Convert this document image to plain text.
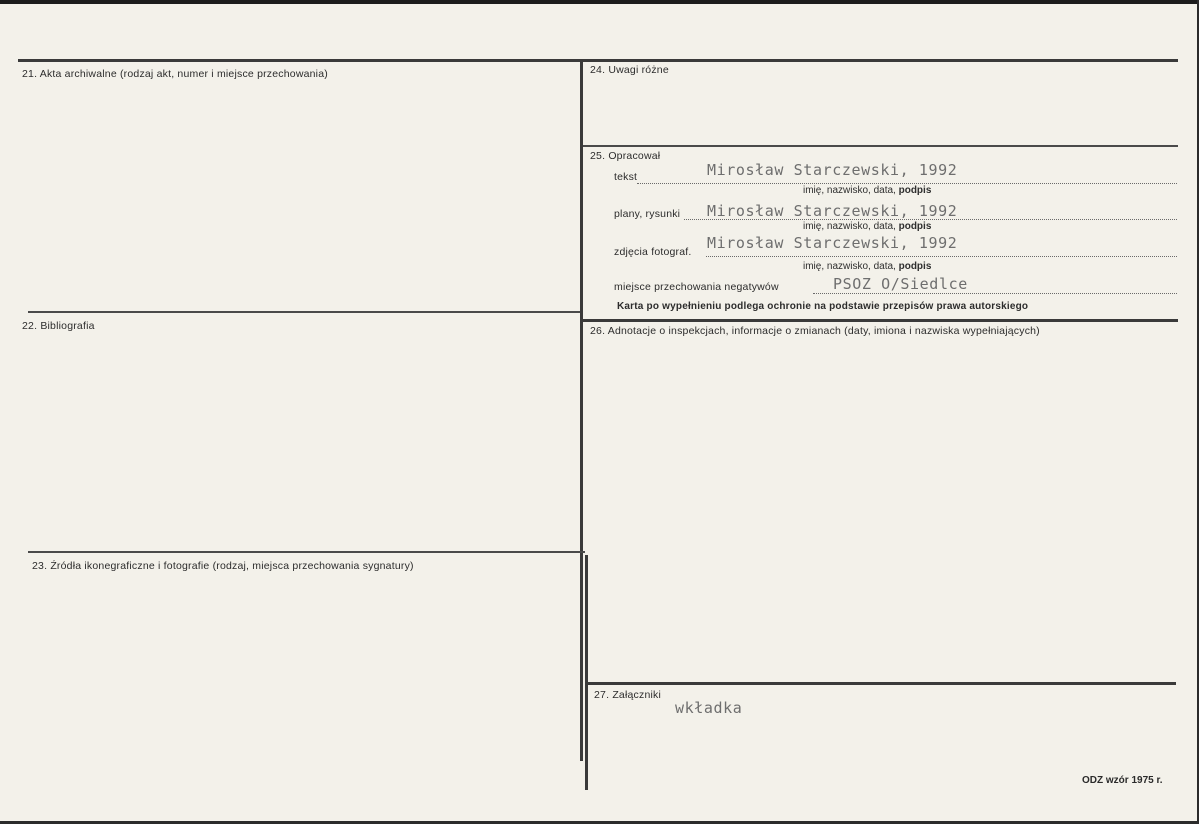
21. Akta archiwalne (rodzaj akt, numer i miejsce przechowania)
22. Bibliografia
23. Źródła ikonegraficzne i fotografie (rodzaj, miejsca przechowania sygnatury)
24. Uwagi różne
25. Opracował
26. Adnotacje o inspekcjach, informacje o zmianach (daty, imiona i nazwiska wypełniających)
27. Załączniki
tekst	Mirosław Starczewski, 1992
imię, nazwisko, data, podpis
plany, rysunki Mirosław Starczewski, 1992
imię, nazwisko, data, podpis
zdjęcia fotograf. Mirosław Starczewski, 1992
imię, nazwisko, data, podpis
miejsce przechowania negatywów	PSOZ O/Siedlce
Karta po wypełnieniu podlega ochronie na podstawie przepisów prawa autorskiego
wkładka
ODZ wzór 1975 r.
